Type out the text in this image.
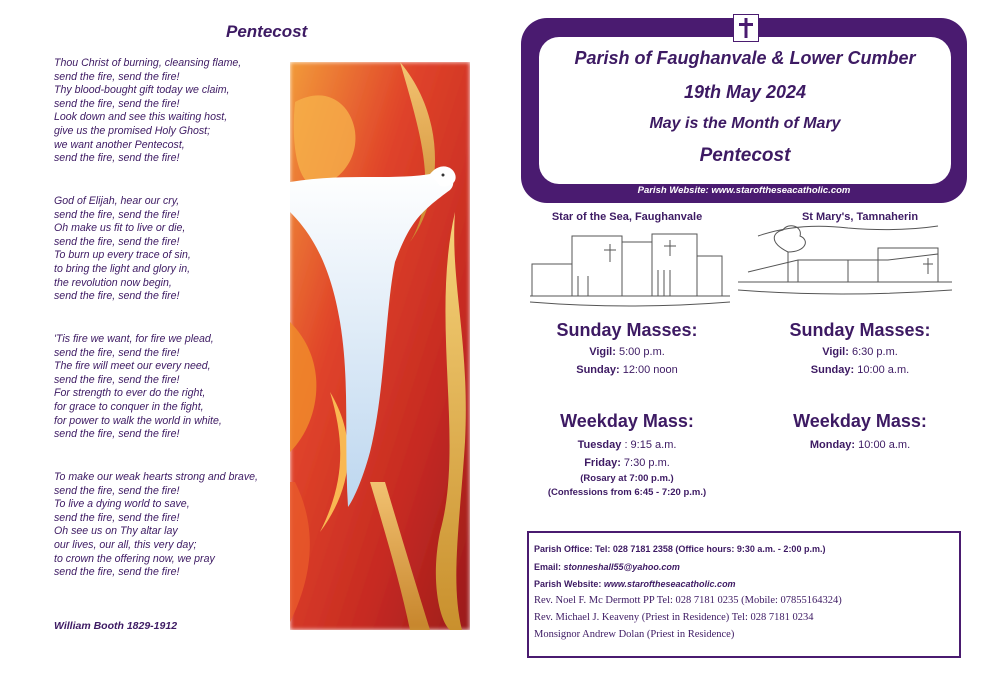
Pentecost
Thou Christ of burning, cleansing flame,
send the fire, send the fire!
Thy blood-bought gift today we claim,
send the fire, send the fire!
Look down and see this waiting host,
give us the promised Holy Ghost;
we want another Pentecost,
send the fire, send the fire!
God of Elijah, hear our cry,
send the fire, send the fire!
Oh make us fit to live or die,
send the fire, send the fire!
To burn up every trace of sin,
to bring the light and glory in,
the revolution now begin,
send the fire, send the fire!
'Tis fire we want, for fire we plead,
send the fire, send the fire!
The fire will meet our every need,
send the fire, send the fire!
For strength to ever do the right,
for grace to conquer in the fight,
for power to walk the world in white,
send the fire, send the fire!
To make our weak hearts strong and brave,
send the fire, send the fire!
To live a dying world to save,
send the fire, send the fire!
Oh see us on Thy altar lay
our lives, our all, this very day;
to crown the offering now, we pray
send the fire, send the fire!
William Booth 1829-1912
Parish of Faughanvale & Lower Cumber
19th May 2024
May is the Month of Mary
Pentecost
Parish Website: www.staroftheseacatholic.com
Star of the Sea, Faughanvale
Sunday Masses:
Vigil: 5:00 p.m.
Sunday: 12:00 noon
Weekday Mass:
Tuesday : 9:15 a.m.
Friday: 7:30 p.m.
(Rosary at 7:00 p.m.)
(Confessions from 6:45 - 7:20 p.m.)
St Mary's, Tamnaherin
Sunday Masses:
Vigil: 6:30 p.m.
Sunday: 10:00 a.m.
Weekday Mass:
Monday: 10:00 a.m.
Parish Office: Tel: 028 7181 2358 (Office hours: 9:30 a.m. - 2:00 p.m.)
Email: stonneshall55@yahoo.com
Parish Website: www.staroftheseacatholic.com
Rev. Noel F. Mc Dermott PP Tel: 028 7181 0235 (Mobile: 07855164324)
Rev. Michael J. Keaveny (Priest in Residence) Tel: 028 7181 0234
Monsignor Andrew Dolan (Priest in Residence)
